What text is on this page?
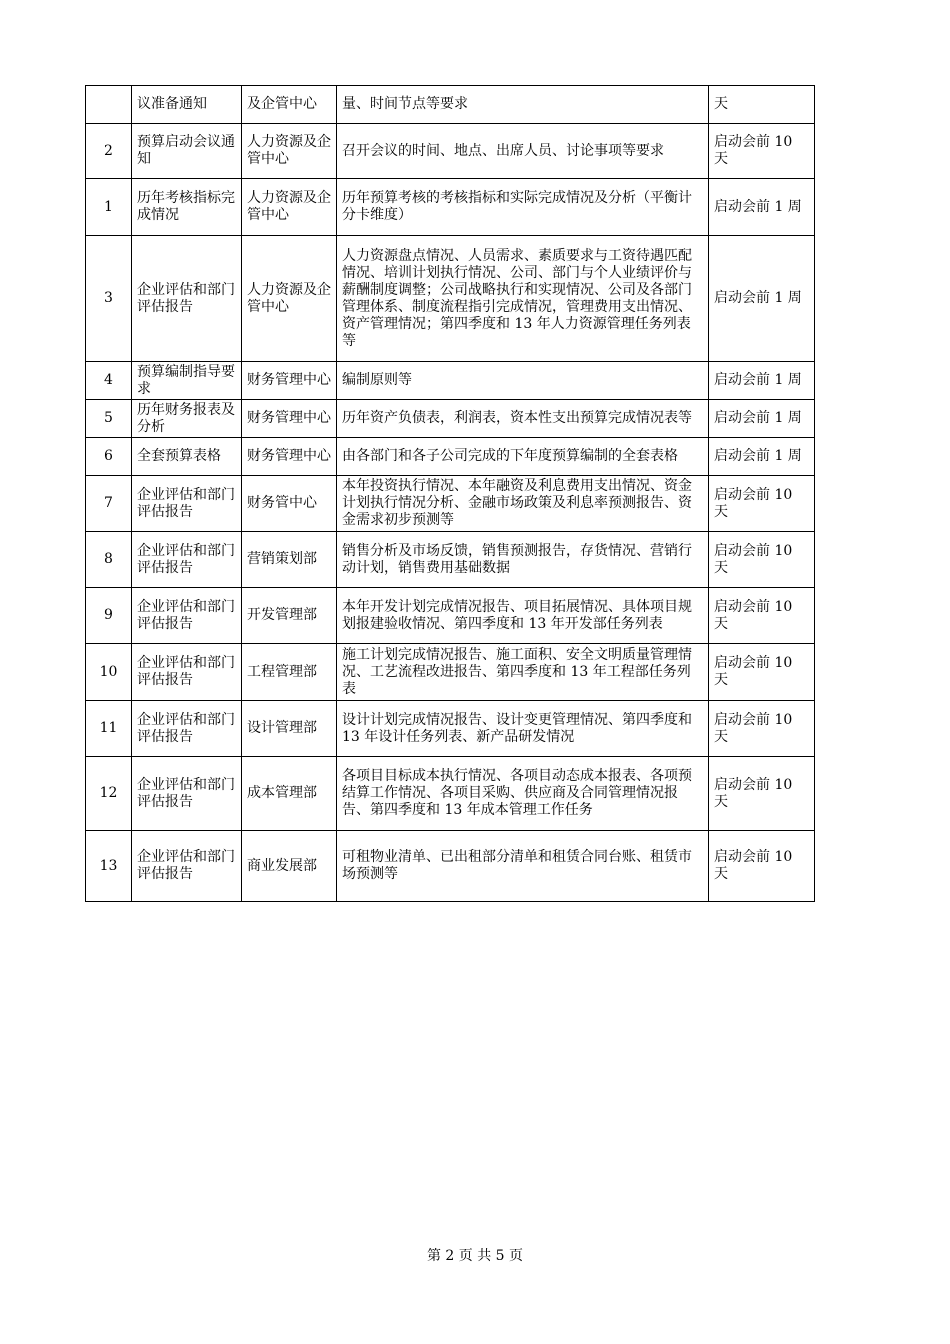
	议准备通知	及企管中心	量、时间节点等要求	天
2	预算启动会议通知	人力资源及企管中心	召开会议的时间、地点、出席人员、讨论事项等要求	启动会前 10 天
1	历年考核指标完成情况	人力资源及企管中心	历年预算考核的考核指标和实际完成情况及分析（平衡计分卡维度）	启动会前 1 周
3	企业评估和部门评估报告	人力资源及企管中心	人力资源盘点情况、人员需求、素质要求与工资待遇匹配情况、培训计划执行情况、公司、部门与个人业绩评价与薪酬制度调整；公司战略执行和实现情况、公司及各部门管理体系、制度流程指引完成情况，管理费用支出情况、资产管理情况；第四季度和 13 年人力资源管理任务列表等	启动会前 1 周
4	预算编制指导要求	财务管理中心	编制原则等	启动会前 1 周
5	历年财务报表及分析	财务管理中心	历年资产负债表，利润表，资本性支出预算完成情况表等	启动会前 1 周
6	全套预算表格	财务管理中心	由各部门和各子公司完成的下年度预算编制的全套表格	启动会前 1 周
7	企业评估和部门评估报告	财务管中心	本年投资执行情况、本年融资及利息费用支出情况、资金计划执行情况分析、金融市场政策及利息率预测报告、资金需求初步预测等	启动会前 10 天
8	企业评估和部门评估报告	营销策划部	销售分析及市场反馈，销售预测报告，存货情况、营销行动计划，销售费用基础数据	启动会前 10 天
9	企业评估和部门评估报告	开发管理部	本年开发计划完成情况报告、项目拓展情况、具体项目规划报建验收情况、第四季度和 13 年开发部任务列表	启动会前 10 天
10	企业评估和部门评估报告	工程管理部	施工计划完成情况报告、施工面积、安全文明质量管理情况、工艺流程改进报告、第四季度和 13 年工程部任务列表	启动会前 10 天
11	企业评估和部门评估报告	设计管理部	设计计划完成情况报告、设计变更管理情况、第四季度和 13 年设计任务列表、新产品研发情况	启动会前 10 天
12	企业评估和部门评估报告	成本管理部	各项目目标成本执行情况、各项目动态成本报表、各项预结算工作情况、各项目采购、供应商及合同管理情况报告、第四季度和 13 年成本管理工作任务	启动会前 10 天
13	企业评估和部门评估报告	商业发展部	可租物业清单、已出租部分清单和租赁合同台账、租赁市场预测等	启动会前 10 天
第 2 页 共 5 页
